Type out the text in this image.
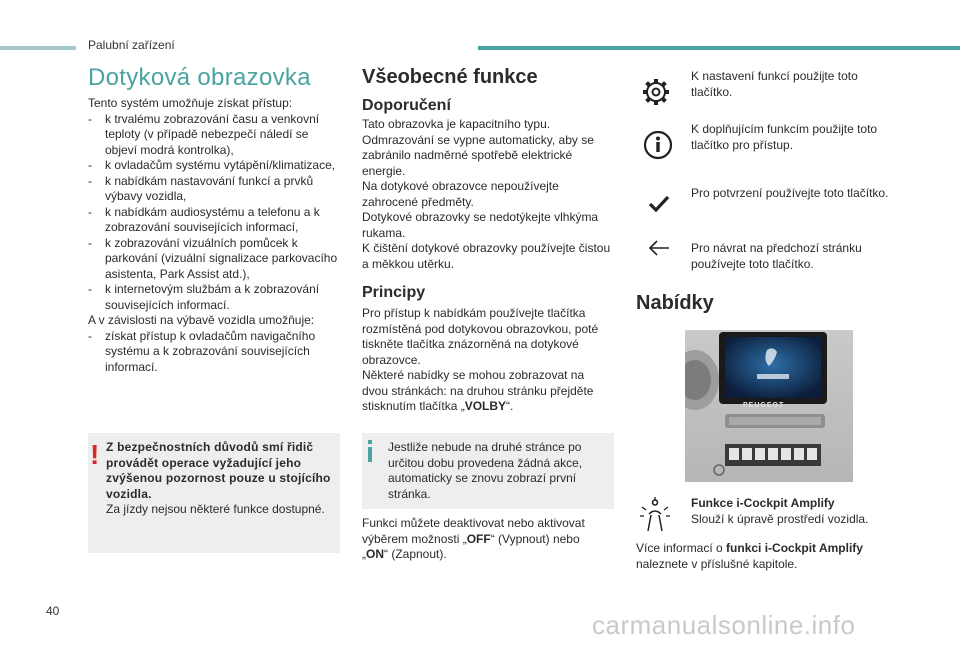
Palubní zařízení
Dotyková obrazovka

Tento systém umožňuje získat přístup:

- k trvalému zobrazování času a venkovní teploty (v případě nebezpečí náledí se objeví modrá kontrolka),
- k ovladačům systému vytápění/klimatizace,
- k nabídkám nastavování funkcí a prvků výbavy vozidla,
- k nabídkám audiosystému a telefonu a k zobrazování souvisejících informací,
- k zobrazování vizuálních pomůcek k parkování (vizuální signalizace parkovacího asistenta, Park Assist atd.),
- k internetovým službám a k zobrazování souvisejících informací.

A v závislosti na výbavě vozidla umožňuje:

- získat přístup k ovladačům navigačního systému a k zobrazování souvisejících informací.
! Z bezpečnostních důvodů smí řidič provádět operace vyžadující jeho zvýšenou pozornost pouze u stojícího vozidla.
Za jízdy nejsou některé funkce dostupné.
Všeobecné funkce
Doporučení
Tato obrazovka je kapacitního typu.
Odmrazování se vypne automaticky, aby se zabránilo nadměrné spotřebě elektrické energie.
Na dotykové obrazovce nepoužívejte zahrocené předměty.
Dotykové obrazovky se nedotýkejte vlhkýma rukama.
K čištění dotykové obrazovky používejte čistou a měkkou utěrku.
Principy
Pro přístup k nabídkám používejte tlačítka rozmístěná pod dotykovou obrazovkou, poté tiskněte tlačítka znázorněná na dotykové obrazovce.
Některé nabídky se mohou zobrazovat na dvou stránkách: na druhou stránku přejděte stisknutím tlačítka „VOLBY“.
Jestliže nebude na druhé stránce po určitou dobu provedena žádná akce, automaticky se znovu zobrazí první stránka.
Funkci můžete deaktivovat nebo aktivovat výběrem možnosti „OFF“ (Vypnout) nebo „ON“ (Zapnout).
K nastavení funkcí použijte toto tlačítko.
K doplňujícím funkcím použijte toto tlačítko pro přístup.
Pro potvrzení používejte toto tlačítko.
Pro návrat na předchozí stránku používejte toto tlačítko.
Nabídky
PEUGEOT
Funkce i-Cockpit Amplify
Slouží k úpravě prostředí vozidla.
Více informací o funkci i-Cockpit Amplify
naleznete v příslušné kapitole.
40	carmanualsonline.info
